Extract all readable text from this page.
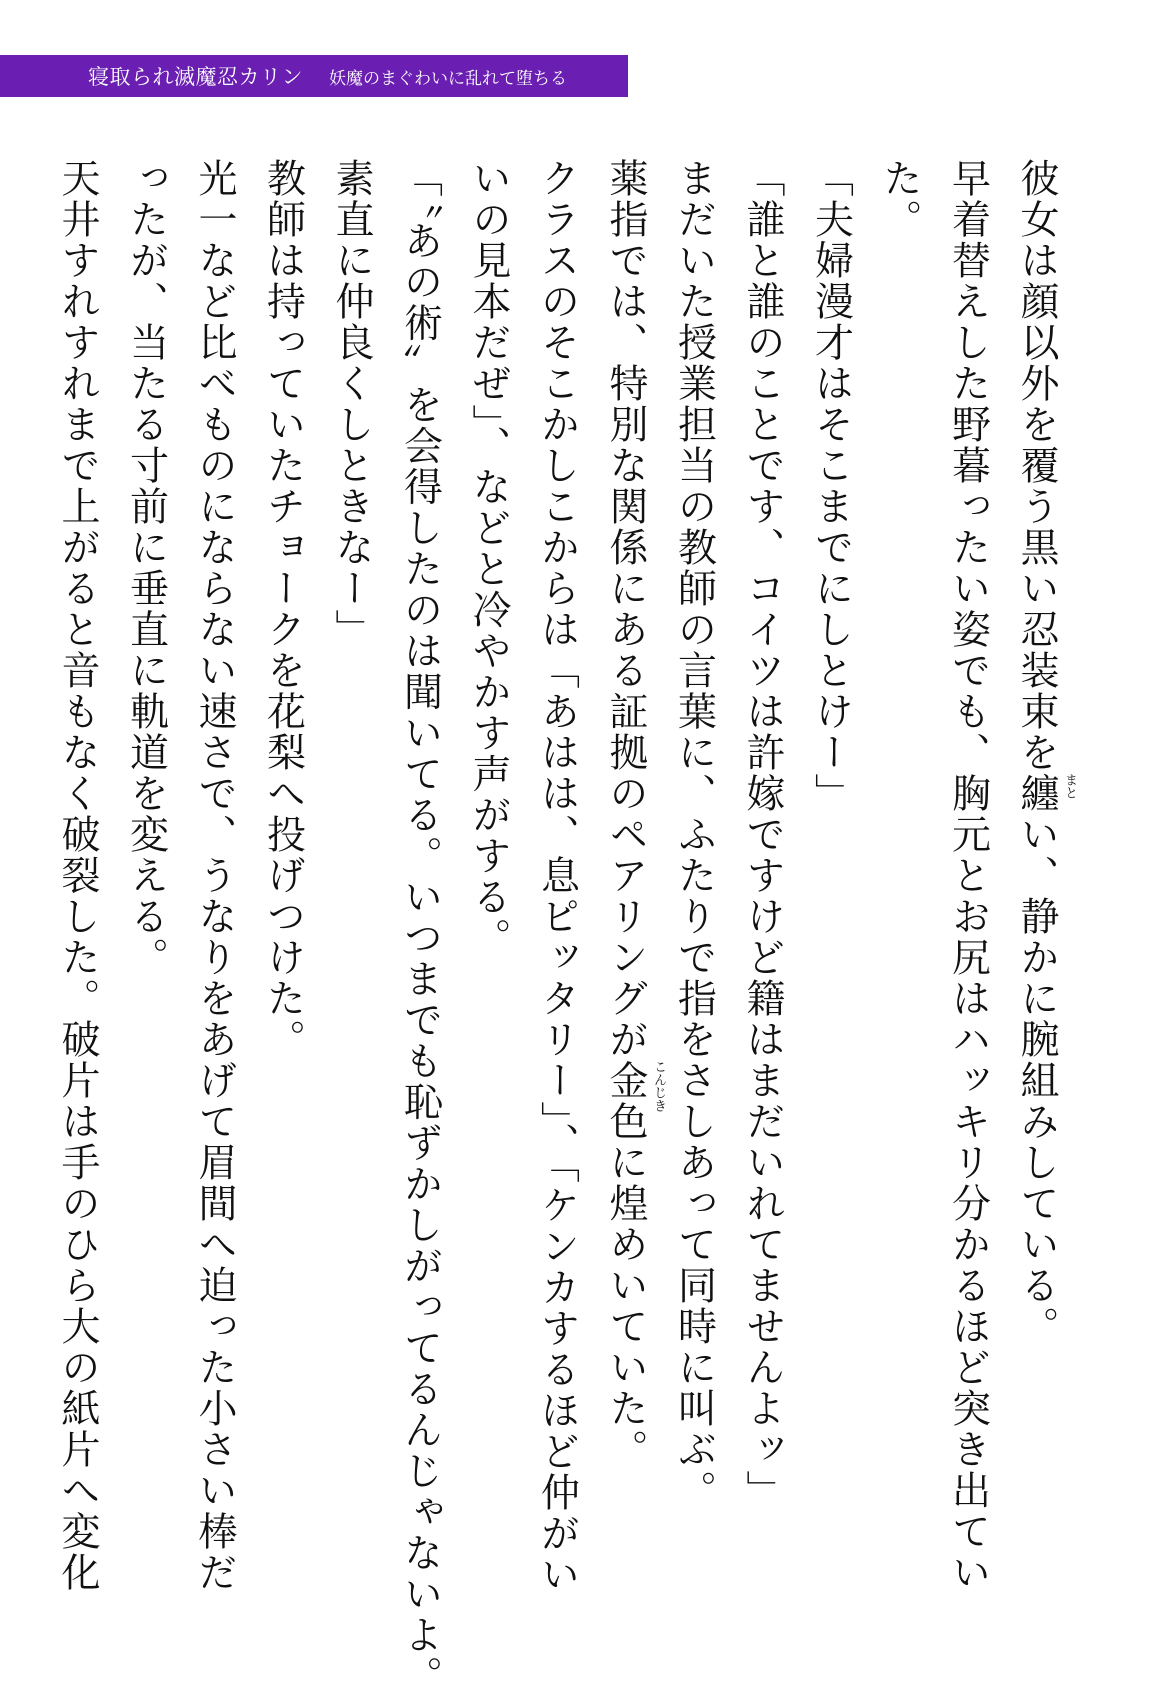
寝取られ滅魔忍カリン 妖魔のまぐわいに乱れて堕ちる
彼女は顔以外を覆う黒い忍装束を纏 まと
い、静かに腕組みしている。
早着替えした野暮ったい姿でも、胸元とお尻はハッキリ分かるほど突き出てい
た。
「夫婦漫才はそこまでにしとけー」
「誰と誰のことです、コイツは許嫁ですけど籍はまだいれてませんよッ」
まだいた授業担当の教師の言葉に、ふたりで指をさしあって同時に叫ぶ。
薬指では、特別な関係にある証拠のペアリングが金色 こんじき
に煌めいていた。
クラスのそこかしこからは「あはは、息ピッタリー」、「ケンカするほど仲がい
いの見本だぜ」、などと冷やかす声がする。
「〝あの術〟を会得したのは聞いてる。いつまでも恥ずかしがってるんじゃないよ。
素直に仲良くしときなー」
教師は持っていたチョークを花梨へ投げつけた。
光一など比べものにならない速さで、うなりをあげて眉間へ迫った小さい棒だ
ったが、当たる寸前に垂直に軌道を変える。
天井すれすれまで上がると音もなく破裂した。破片は手のひら大の紙片へ変化
